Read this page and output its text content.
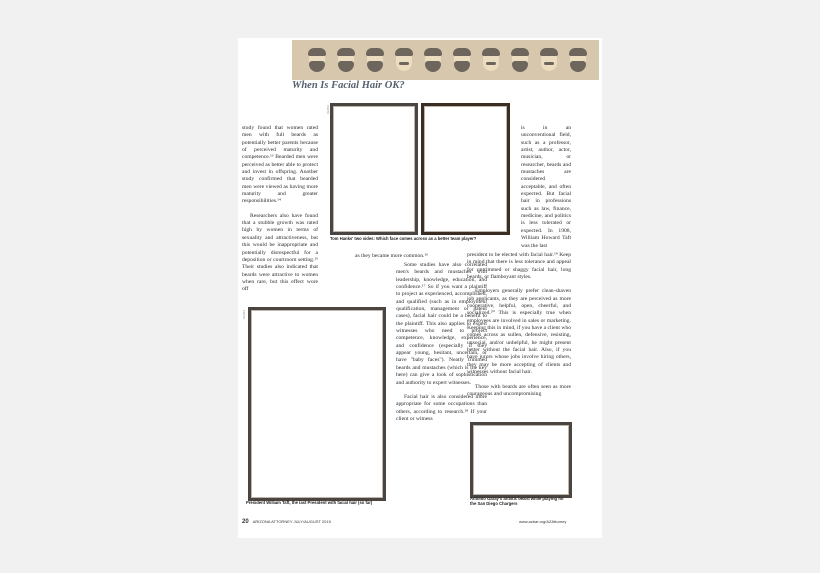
When Is Facial Hair OK?

study found that women rated men with full beards as potentially better parents because of perceived maturity and competence.¹³ Bearded men were perceived as better able to protect and invest in offspring. Another study confirmed that bearded men were viewed as having more maturity and greater responsibilities.¹⁴

Researchers also have found that a stubble growth was rated high by women in terms of sexuality and attractiveness, but this would be inappropriate and potentially disrespectful for a deposition or courtroom setting.¹⁵ Their studies also indicated that beards were attractive to women when rare, but this effect wore off

PHOTO
Tom Hanks' two sides: Which face comes across as a better team player?

as they became more common.¹⁶

Some studies have also correlated men's beards and mustaches with leadership, knowledge, education, and confidence.¹⁷ So if you want a plaintiff to project as experienced, accomplished, and qualified (such as in employment qualification, management or patent cases), facial hair could be a benefit to the plaintiff. This also applies to expert witnesses who need to project competence, knowledge, experience, and confidence (especially if they appear young, hesitant, uncertain, or have "baby faces"). Neatly trimmed beards and mustaches (which is the key here) can give a look of sophistication and authority to expert witnesses.

Facial hair is also considered more appropriate for some occupations than others, according to research.¹⁸ If your client or witness

PHOTO
President William Taft, the last President with facial hair (so far)

is in an unconventional field, such as a professor, artist, author, actor, musician, or researcher, beards and mustaches are considered acceptable, and often expected. But facial hair in professions such as law, finance, medicine, and politics is less tolerated or expected. In 1908, William Howard Taft was the last

president to be elected with facial hair.¹⁹ Keep in mind that there is less tolerance and appeal for untrimmed or shaggy facial hair, long beards, or flamboyant styles.

Employers generally prefer clean-shaven job applicants, as they are perceived as more cooperative, helpful, open, cheerful, and socialized.²⁰ This is especially true when employees are involved in sales or marketing. Keeping this in mind, if you have a client who comes across as sullen, defensive, resisting, unsocial, and/or unhelpful, he might present better without the facial hair. Also, if you have jurors whose jobs involve hiring others, they may be more accepting of clients and witnesses without facial hair.

Those with beards are often seen as more courageous and uncompromising

Antonio Garay's artistic beard while playing for the San Diego Chargers
20 ARIZONA ATTORNEY JULY/AUGUST 2015	www.azbar.org/AZAttorney
